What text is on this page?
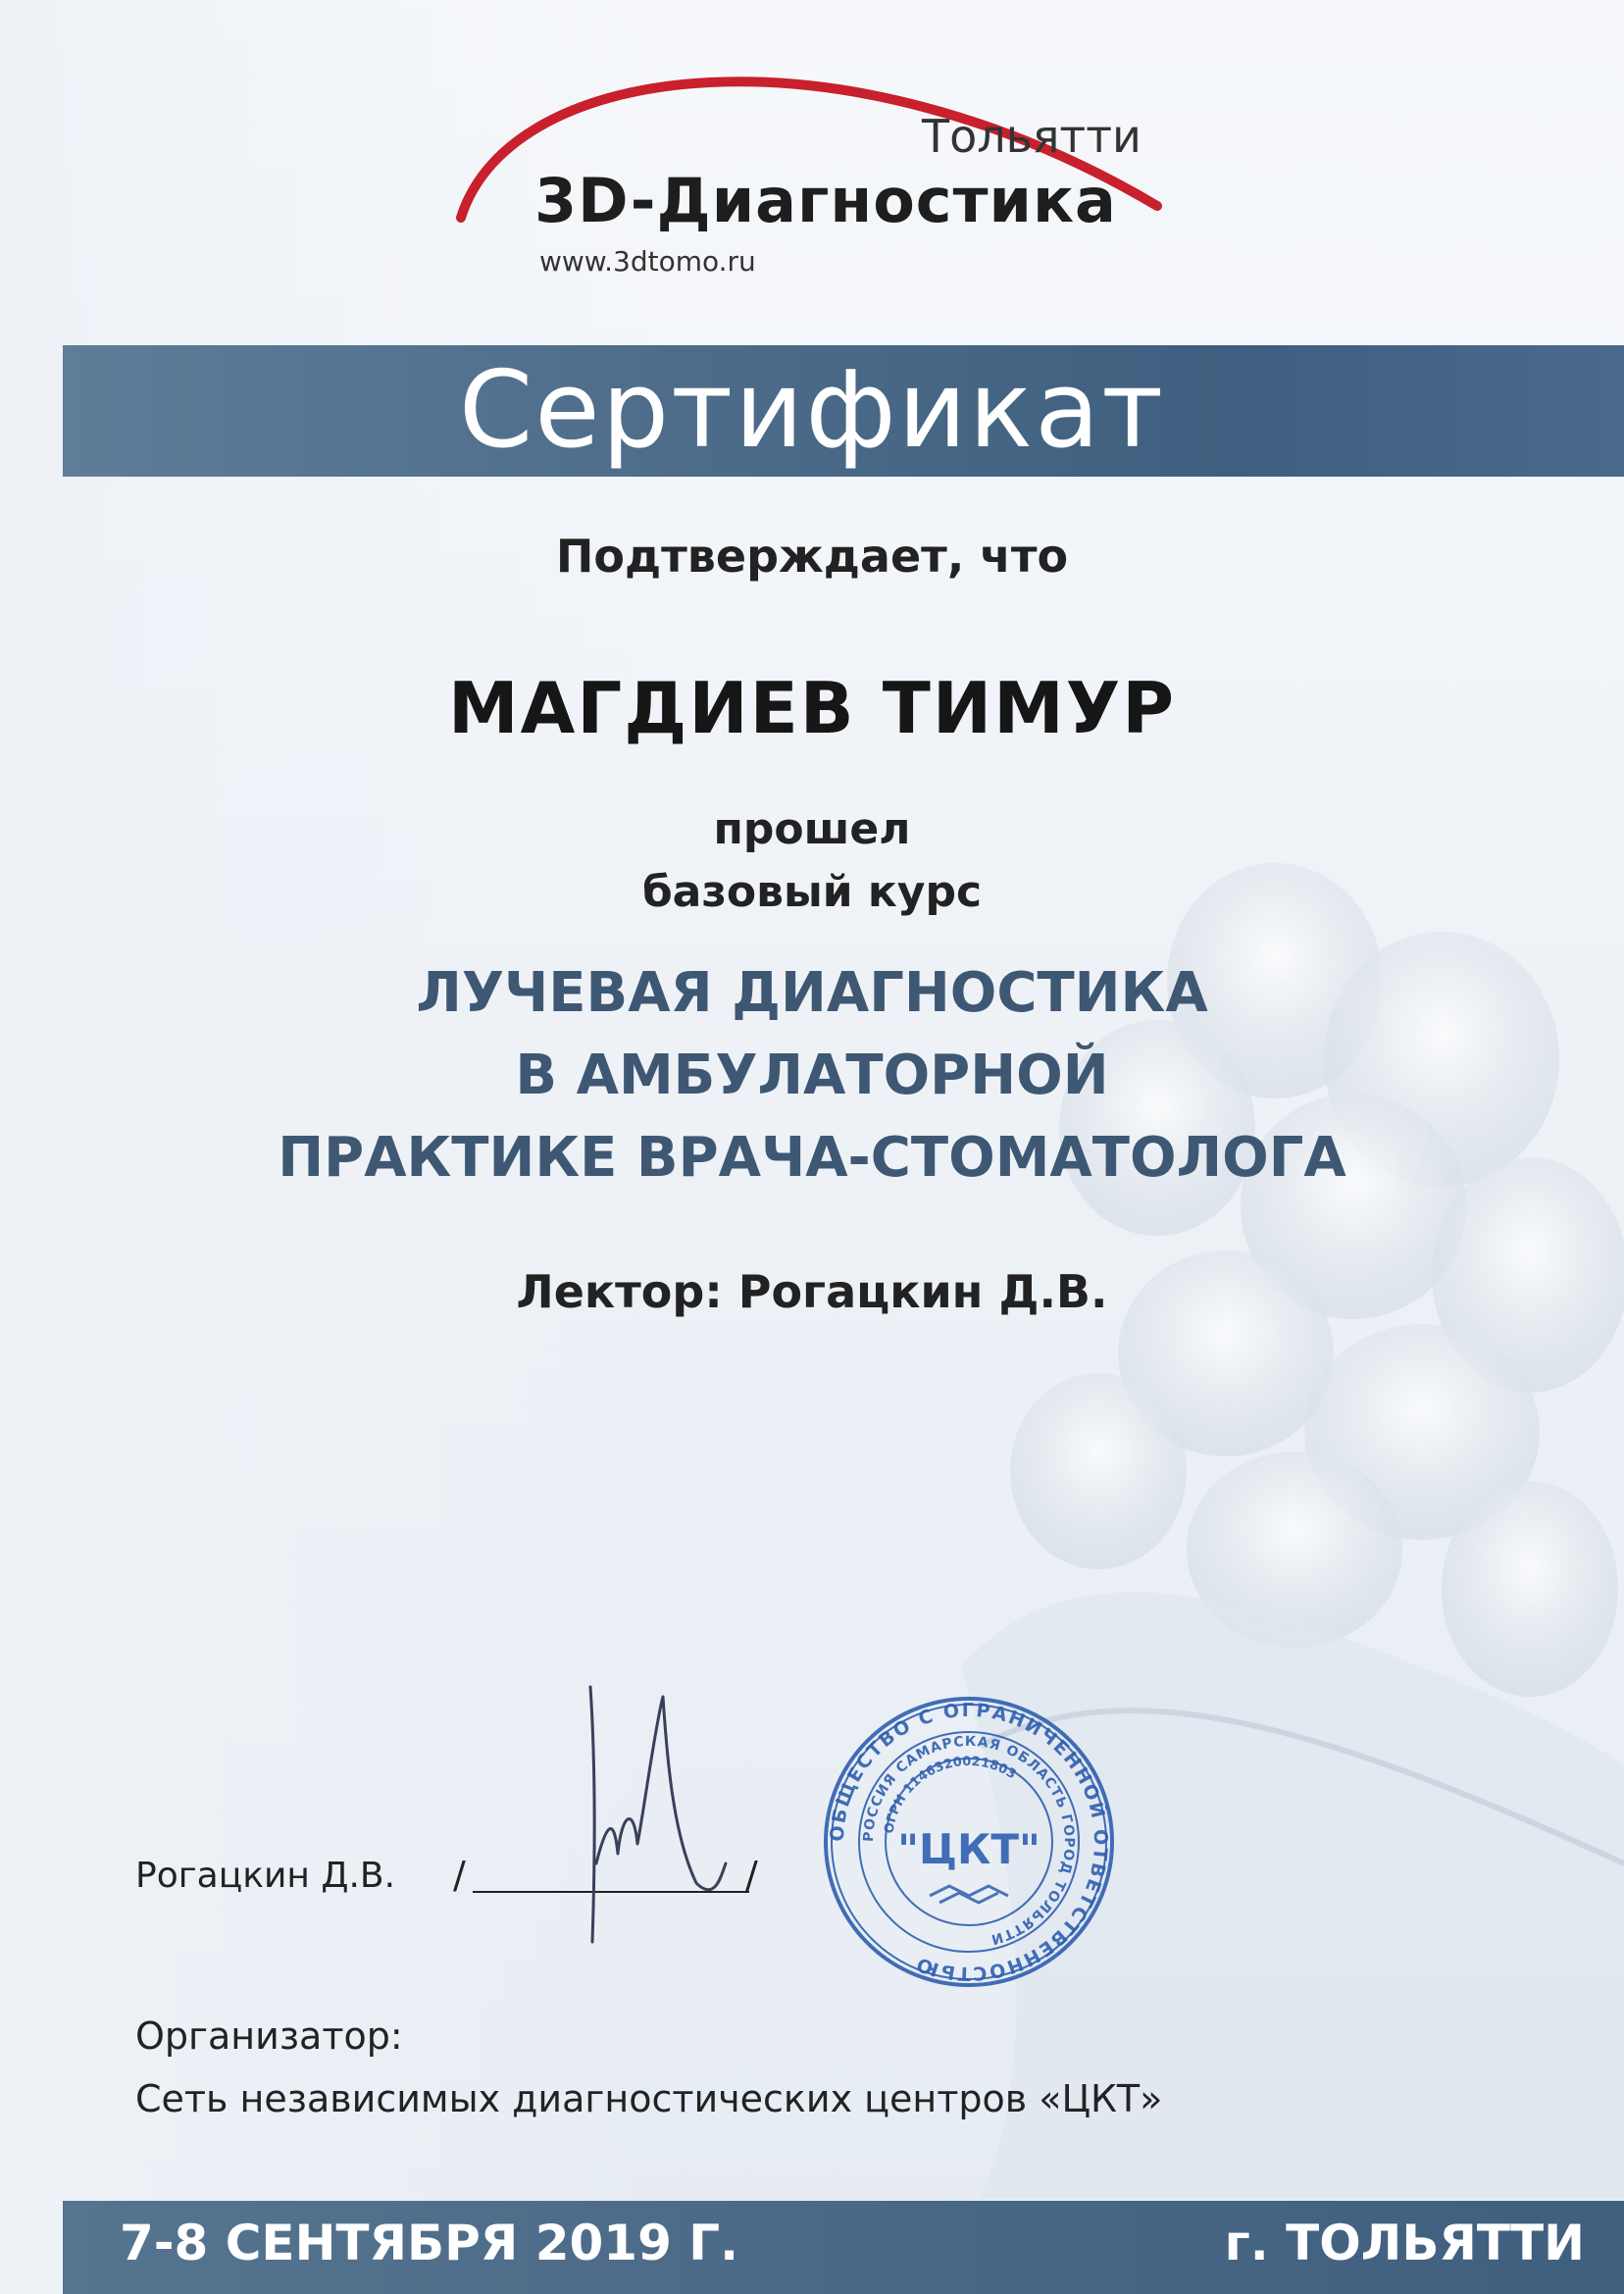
Тольятти
3D-Диагностика
www.3dtomo.ru
Сертификат
Подтверждает, что
МАГДИЕВ ТИМУР
прошел
базовый курс
ЛУЧЕВАЯ ДИАГНОСТИКА
В АМБУЛАТОРНОЙ
ПРАКТИКЕ ВРАЧА-СТОМАТОЛОГА
Лектор: Рогацкин Д.В.
Рогацкин Д.В. /	/
ОБЩЕСТВО С ОГРАНИЧЕННОЙ ОТВЕТСТВЕННОСТЬЮ
РОССИЯ САМАРСКАЯ ОБЛАСТЬ ГОРОД ТОЛЬЯТТИ
ОГРН 1146320021803
"ЦКТ"
Организатор:
Сеть независимых диагностических центров «ЦКТ»
7-8 СЕНТЯБРЯ 2019 Г.	г. ТОЛЬЯТТИ
